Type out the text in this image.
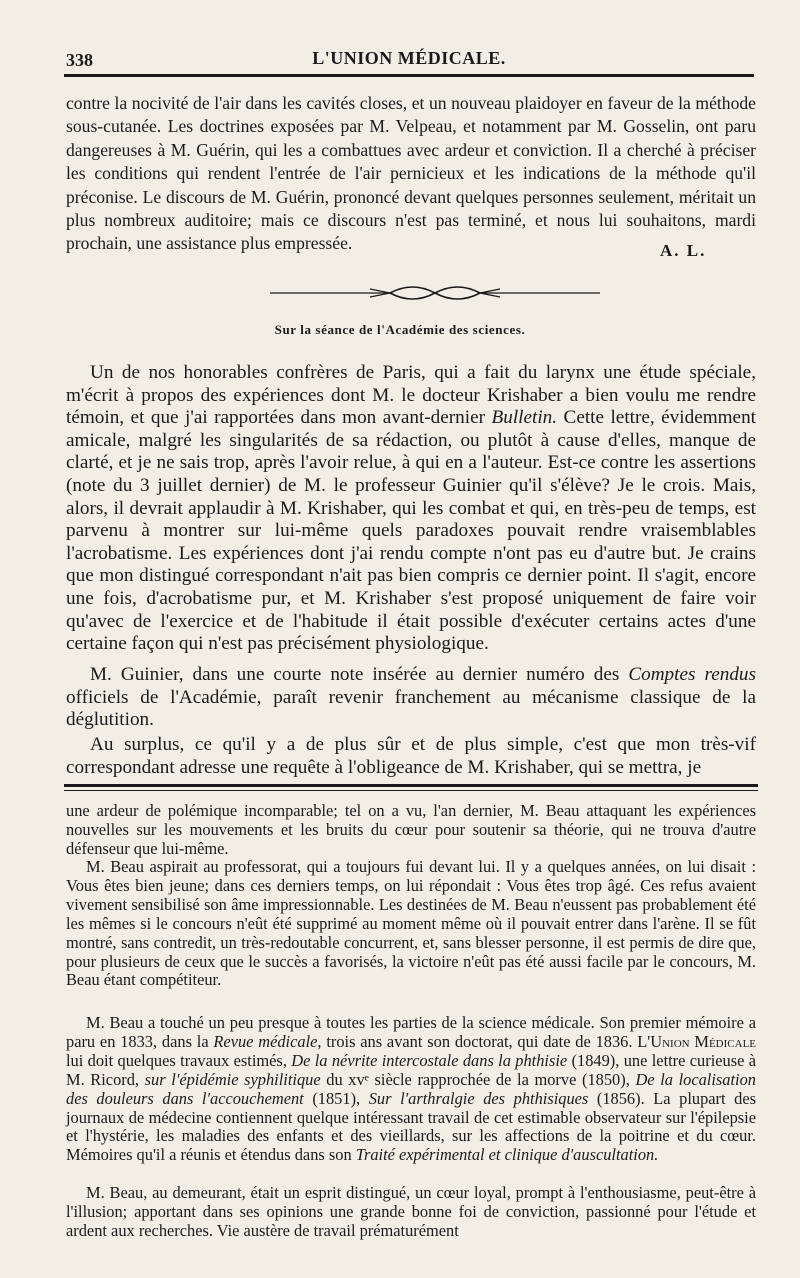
338	L'UNION MÉDICALE.

contre la nocivité de l'air dans les cavités closes, et un nouveau plaidoyer en faveur de la méthode sous-cutanée. Les doctrines exposées par M. Velpeau, et notamment par M. Gosselin, ont paru dangereuses à M. Guérin, qui les a combattues avec ardeur et conviction. Il a cherché à préciser les conditions qui rendent l'entrée de l'air pernicieux et les indications de la méthode qu'il préconise. Le discours de M. Guérin, prononcé devant quelques personnes seulement, méritait un plus nombreux auditoire; mais ce discours n'est pas terminé, et nous lui souhaitons, mardi prochain, une assistance plus empressée.	A. L.
Sur la séance de l'Académie des sciences.

Un de nos honorables confrères de Paris, qui a fait du larynx une étude spéciale, m'écrit à propos des expériences dont M. le docteur Krishaber a bien voulu me rendre témoin, et que j'ai rapportées dans mon avant-dernier Bulletin. Cette lettre, évidemment amicale, malgré les singularités de sa rédaction, ou plutôt à cause d'elles, manque de clarté, et je ne sais trop, après l'avoir relue, à qui en a l'auteur. Est-ce contre les assertions (note du 3 juillet dernier) de M. le professeur Guinier qu'il s'élève? Je le crois. Mais, alors, il devrait applaudir à M. Krishaber, qui les combat et qui, en très-peu de temps, est parvenu à montrer sur lui-même quels paradoxes pouvait rendre vraisemblables l'acrobatisme. Les expériences dont j'ai rendu compte n'ont pas eu d'autre but. Je crains que mon distingué correspondant n'ait pas bien compris ce dernier point. Il s'agit, encore une fois, d'acrobatisme pur, et M. Krishaber s'est proposé uniquement de faire voir qu'avec de l'exercice et de l'habitude il était possible d'exécuter certains actes d'une certaine façon qui n'est pas précisément physiologique.

M. Guinier, dans une courte note insérée au dernier numéro des Comptes rendus officiels de l'Académie, paraît revenir franchement au mécanisme classique de la déglutition.

Au surplus, ce qu'il y a de plus sûr et de plus simple, c'est que mon très-vif correspondant adresse une requête à l'obligeance de M. Krishaber, qui se mettra, je

une ardeur de polémique incomparable; tel on a vu, l'an dernier, M. Beau attaquant les expériences nouvelles sur les mouvements et les bruits du cœur pour soutenir sa théorie, qui ne trouva d'autre défenseur que lui-même.

M. Beau aspirait au professorat, qui a toujours fui devant lui. Il y a quelques années, on lui disait : Vous êtes bien jeune; dans ces derniers temps, on lui répondait : Vous êtes trop âgé. Ces refus avaient vivement sensibilisé son âme impressionnable. Les destinées de M. Beau n'eussent pas probablement été les mêmes si le concours n'eût été supprimé au moment même où il pouvait entrer dans l'arène. Il se fût montré, sans contredit, un très-redoutable concurrent, et, sans blesser personne, il est permis de dire que, pour plusieurs de ceux que le succès a favorisés, la victoire n'eût pas été aussi facile par le concours, M. Beau étant compétiteur.

M. Beau a touché un peu presque à toutes les parties de la science médicale. Son premier mémoire a paru en 1833, dans la Revue médicale, trois ans avant son doctorat, qui date de 1836. L'Union Médicale lui doit quelques travaux estimés, De la névrite intercostale dans la phthisie (1849), une lettre curieuse à M. Ricord, sur l'épidémie syphilitique du xvᵉ siècle rapprochée de la morve (1850), De la localisation des douleurs dans l'accouchement (1851), Sur l'arthralgie des phthisiques (1856). La plupart des journaux de médecine contiennent quelque intéressant travail de cet estimable observateur sur l'épilepsie et l'hystérie, les maladies des enfants et des vieillards, sur les affections de la poitrine et du cœur. Mémoires qu'il a réunis et étendus dans son Traité expérimental et clinique d'auscultation.

M. Beau, au demeurant, était un esprit distingué, un cœur loyal, prompt à l'enthousiasme, peut-être à l'illusion; apportant dans ses opinions une grande bonne foi de conviction, passionné pour l'étude et ardent aux recherches. Vie austère de travail prématurément
